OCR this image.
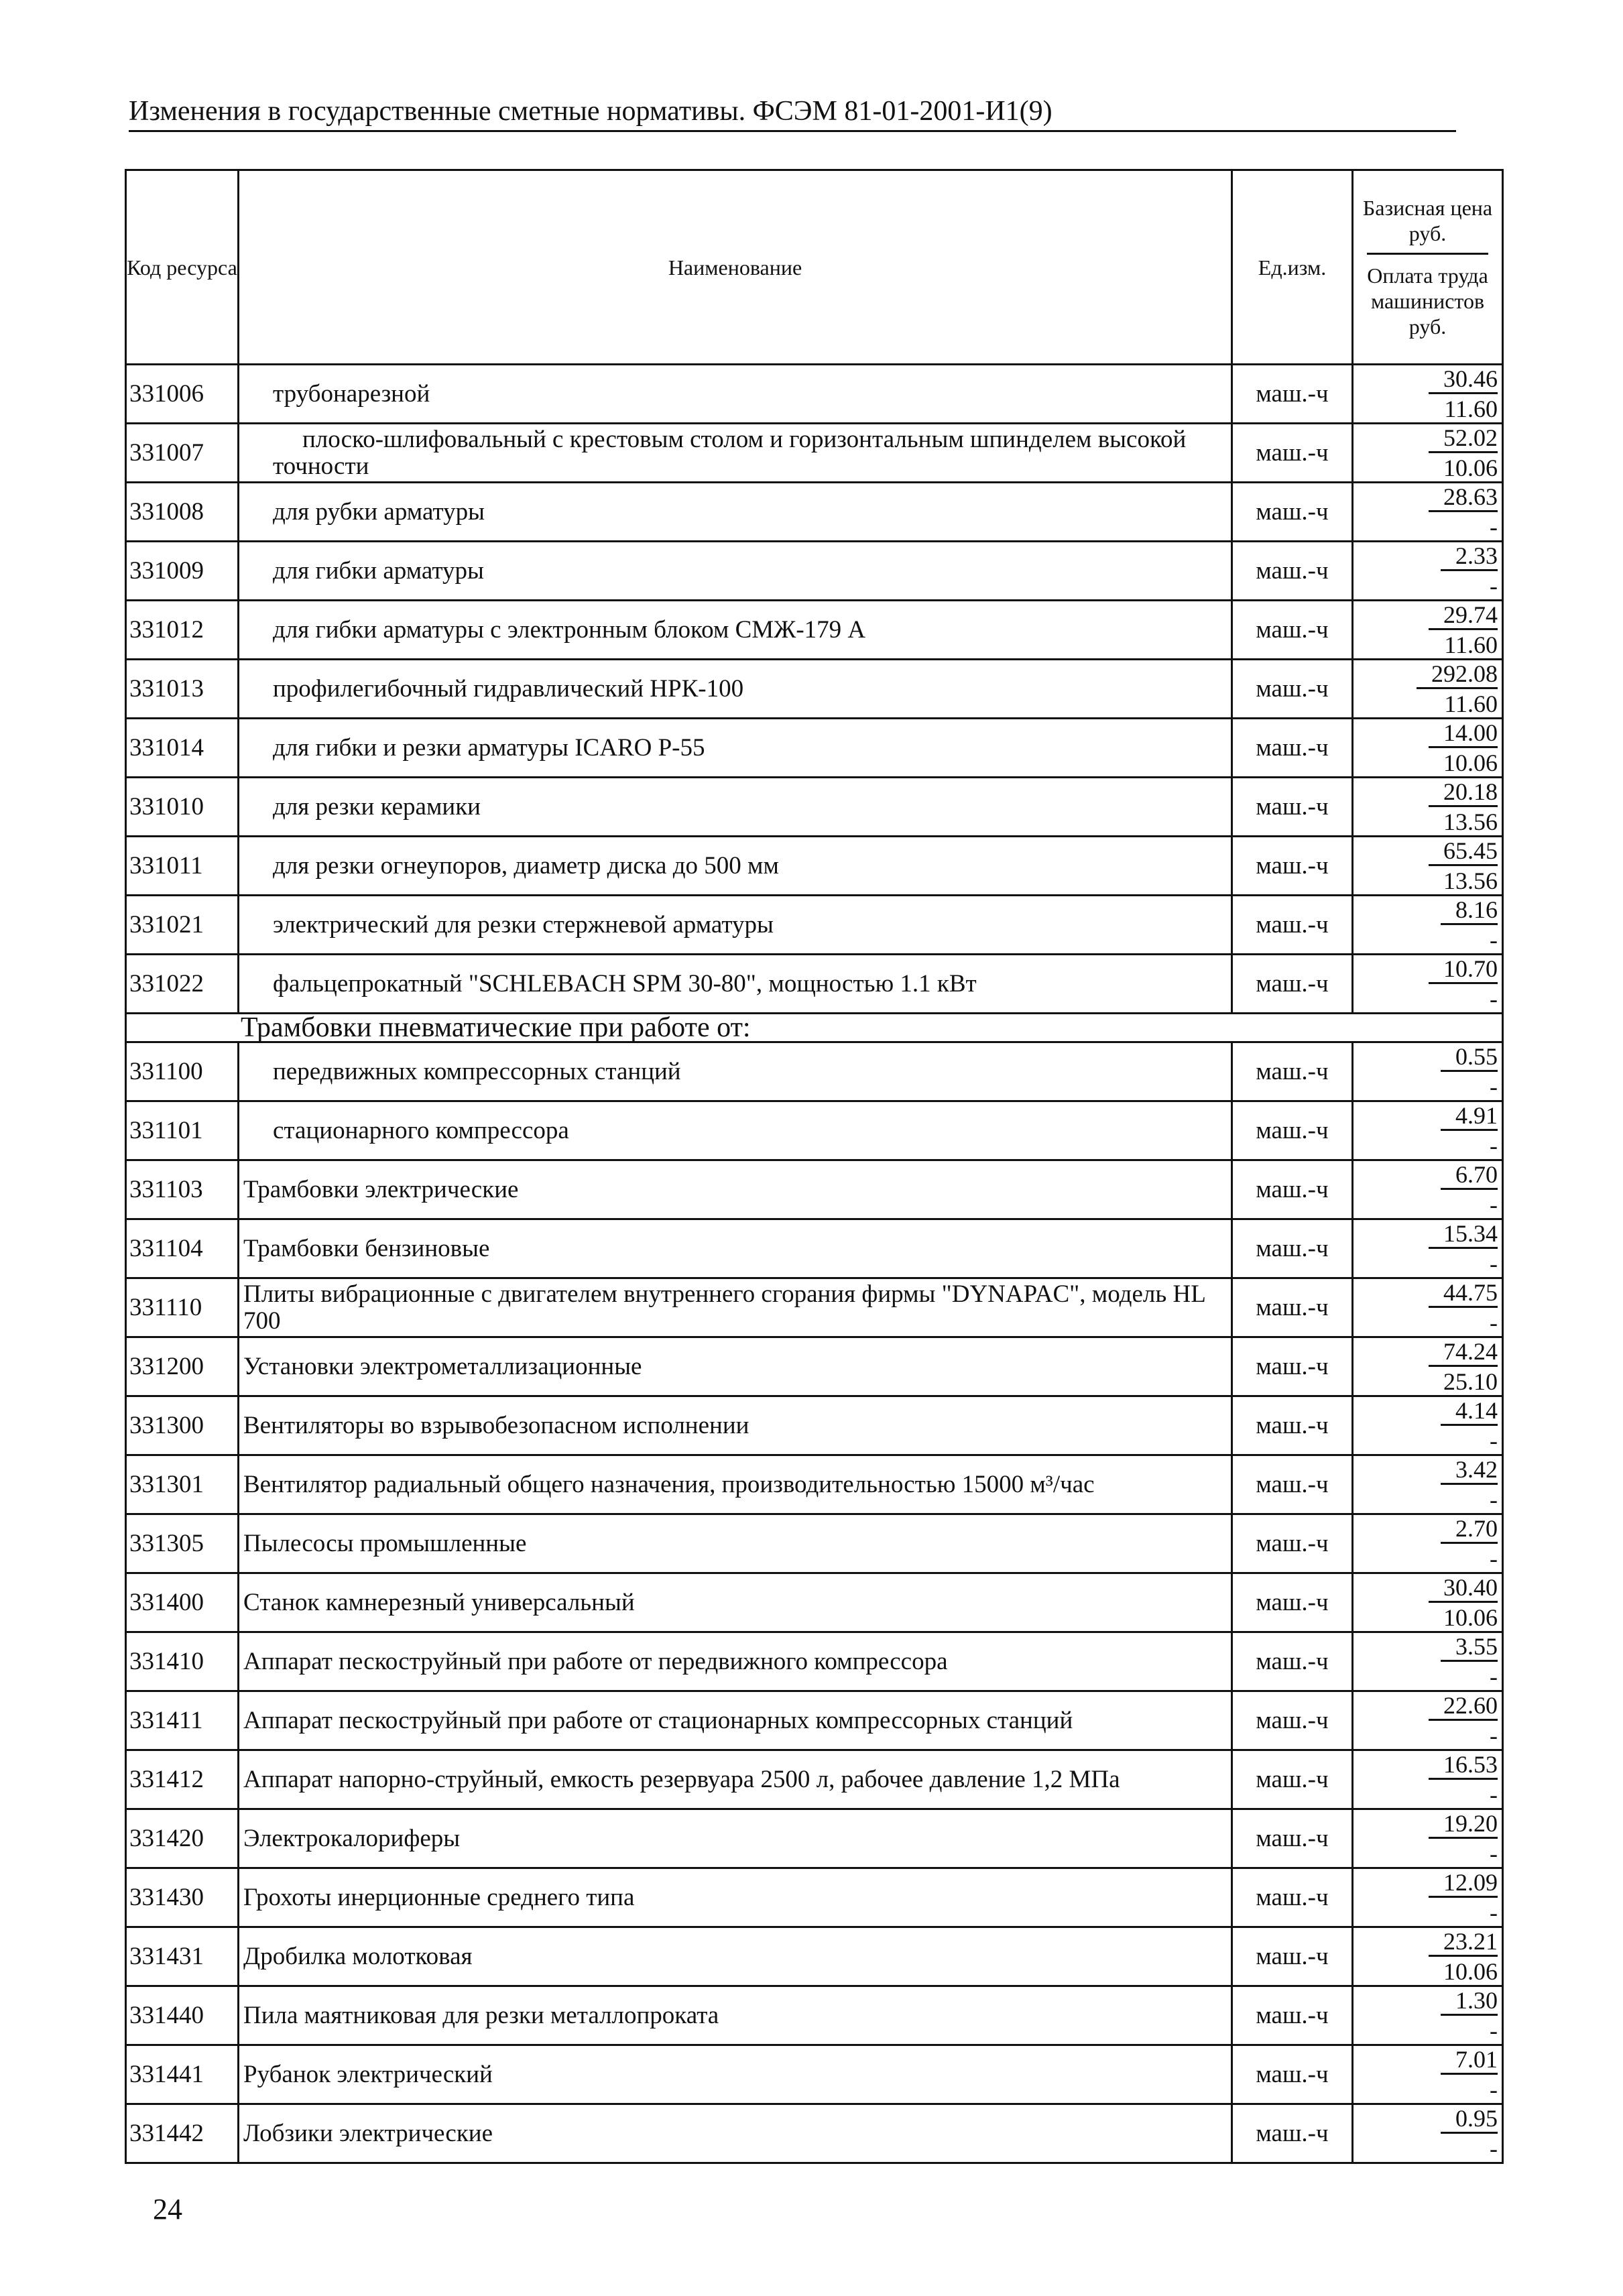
Изменения в государственные сметные нормативы. ФСЭМ 81-01-2001-И1(9)
Код ресурса	Наименование	Ед.изм.	Базисная цена руб.
Оплата труда машинистов руб.

331006	трубонарезной	маш.-ч	30.46
11.60

331007	плоско-шлифовальный с крестовым столом и горизонтальным шпинделем высокой
точности	маш.-ч	52.02
10.06

331008	для рубки арматуры	маш.-ч	28.63
-

331009	для гибки арматуры	маш.-ч	2.33
-

331012	для гибки арматуры с электронным блоком СМЖ-179 А	маш.-ч	29.74
11.60

331013	профилегибочный гидравлический НРК-100	маш.-ч	292.08
11.60

331014	для гибки и резки арматуры ICARO P-55	маш.-ч	14.00
10.06

331010	для резки керамики	маш.-ч	20.18
13.56

331011	для резки огнеупоров, диаметр диска до 500 мм	маш.-ч	65.45
13.56

331021	электрический для резки стержневой арматуры	маш.-ч	8.16
-

331022	фальцепрокатный "SCHLEBACH SPM 30-80", мощностью 1.1 кВт	маш.-ч	10.70
-

Трамбовки пневматические при работе от:			
331100	передвижных компрессорных станций	маш.-ч	0.55
-

331101	стационарного компрессора	маш.-ч	4.91
-

331103	Трамбовки электрические	маш.-ч	6.70
-

331104	Трамбовки бензиновые	маш.-ч	15.34
-

331110	Плиты вибрационные с двигателем внутреннего сгорания фирмы "DYNAPAC", модель HL
700	маш.-ч	44.75
-

331200	Установки электрометаллизационные	маш.-ч	74.24
25.10

331300	Вентиляторы во взрывобезопасном исполнении	маш.-ч	4.14
-

331301	Вентилятор радиальный общего назначения, производительностью 15000 м³/час	маш.-ч	3.42
-

331305	Пылесосы промышленные	маш.-ч	2.70
-

331400	Станок камнерезный универсальный	маш.-ч	30.40
10.06

331410	Аппарат пескоструйный при работе от передвижного компрессора	маш.-ч	3.55
-

331411	Аппарат пескоструйный при работе от стационарных компрессорных станций	маш.-ч	22.60
-

331412	Аппарат напорно-струйный, емкость резервуара 2500 л, рабочее давление 1,2 МПа	маш.-ч	16.53
-

331420	Электрокалориферы	маш.-ч	19.20
-

331430	Грохоты инерционные среднего типа	маш.-ч	12.09
-

331431	Дробилка молотковая	маш.-ч	23.21
10.06

331440	Пила маятниковая для резки металлопроката	маш.-ч	1.30
-

331441	Рубанок электрический	маш.-ч	7.01
-

331442	Лобзики электрические	маш.-ч	0.95
-
24
